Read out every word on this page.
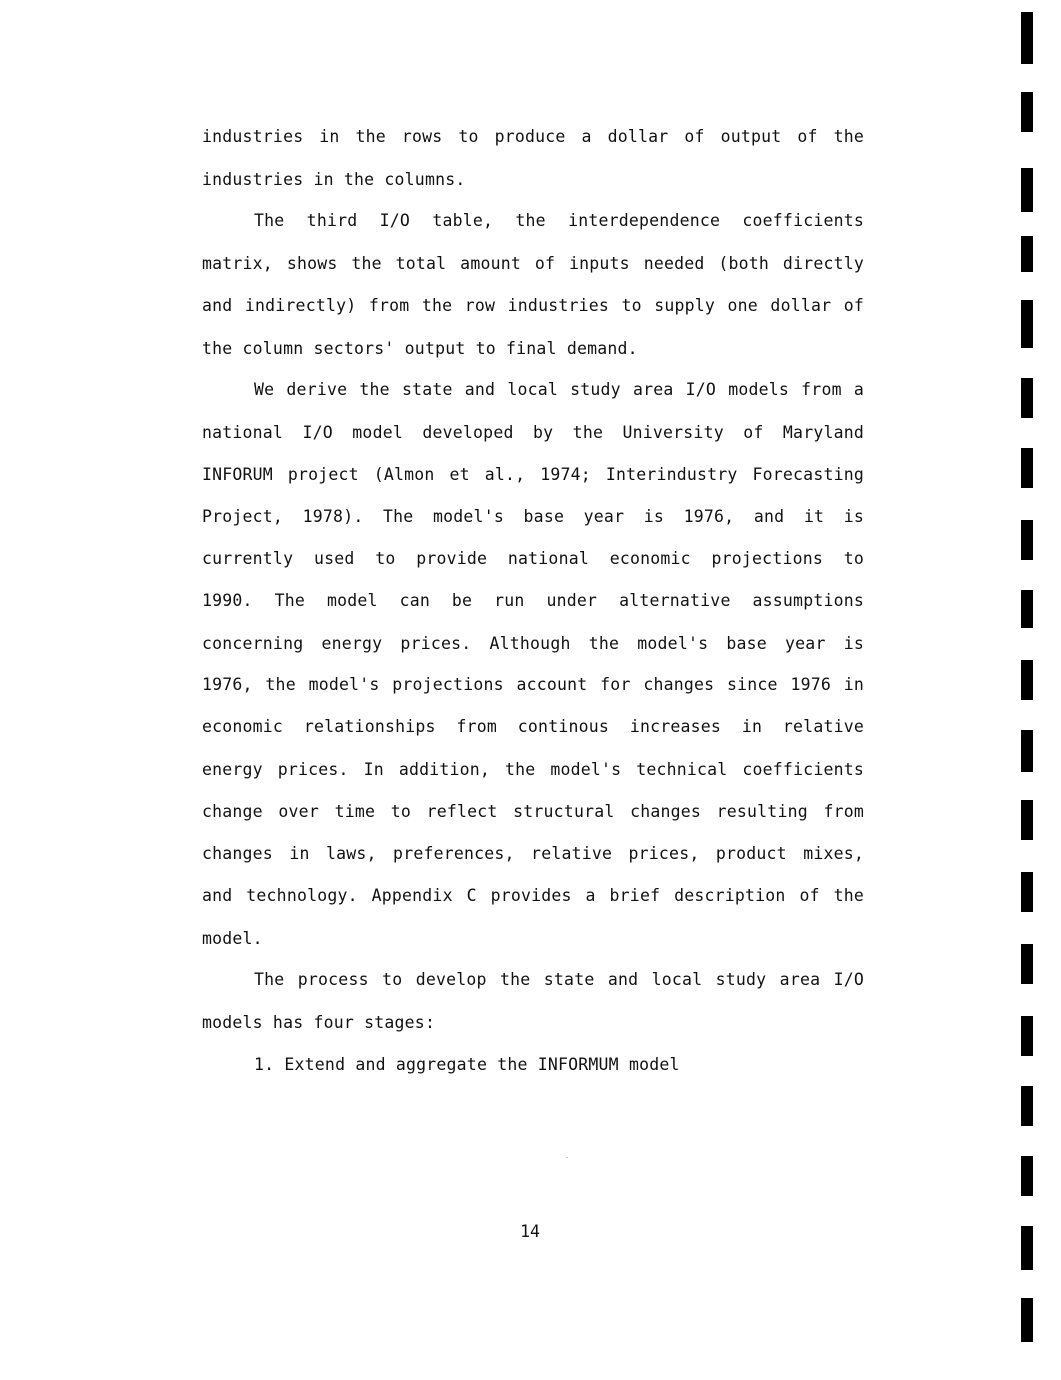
industries in the rows to produce a dollar of output of the
industries in the columns.
The third I/O table, the interdependence coefficients
matrix, shows the total amount of inputs needed (both directly
and indirectly) from the row industries to supply one dollar of
the column sectors' output to final demand.
We derive the state and local study area I/O models from a
national I/O model developed by the University of Maryland
INFORUM project (Almon et al., 1974; Interindustry Forecasting
Project, 1978). The model's base year is 1976, and it is
currently used to provide national economic projections to
1990. The model can be run under alternative assumptions
concerning energy prices. Although the model's base year is
1976, the model's projections account for changes since 1976 in
economic relationships from continous increases in relative
energy prices. In addition, the model's technical coefficients
change over time to reflect structural changes resulting from
changes in laws, preferences, relative prices, product mixes,
and technology. Appendix C provides a brief description of the
model.
The process to develop the state and local study area I/O
models has four stages:
1. Extend and aggregate the INFORMUM model
14
